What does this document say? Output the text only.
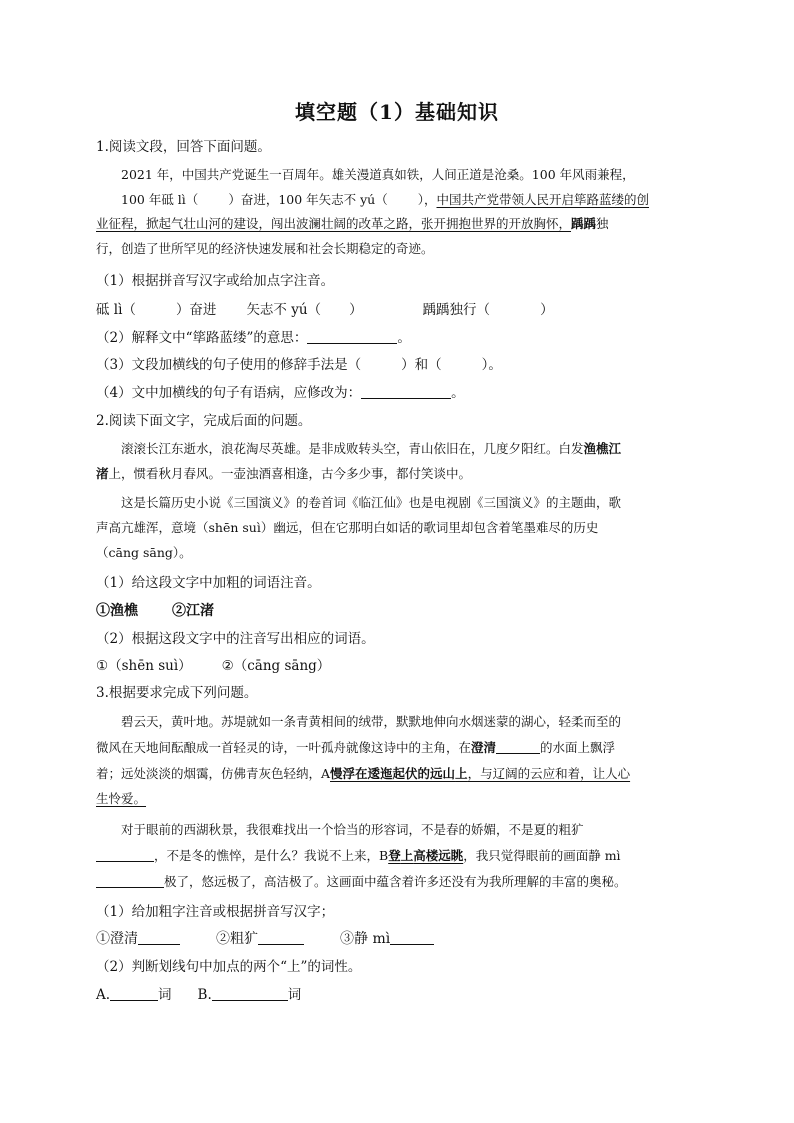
填空题（1）基础知识
1.阅读文段，回答下面问题。
2021 年，中国共产党诞生一百周年。雄关漫道真如铁，人间正道是沧桑。100 年风雨兼程，
100 年砥 lì（ ）奋进，100 年矢志不 yú（ ），中国共产党带领人民开启筚路蓝缕的创
业征程，掀起气壮山河的建设，闯出波澜壮阔的改革之路，张开拥抱世界的开放胸怀，踽踽独
行，创造了世所罕见的经济快速发展和社会长期稳定的奇迹。
（1）根据拼音写汉字或给加点字注音。
砥 lì（	）奋进 矢志不 yú（ ）	踽踽独行（	）
（2）解释文中“筚路蓝缕”的意思：	。
（3）文段加横线的句子使用的修辞手法是（	）和（	）。
（4）文中加横线的句子有语病，应修改为：	。
2.阅读下面文字，完成后面的问题。
滚滚长江东逝水，浪花淘尽英雄。是非成败转头空，青山依旧在，几度夕阳红。白发渔樵江
渚上，惯看秋月春风。一壶浊酒喜相逢，古今多少事，都付笑谈中。
这是长篇历史小说《三国演义》的卷首词《临江仙》也是电视剧《三国演义》的主题曲，歌
声高亢雄浑，意境（shēn suì）幽远，但在它那明白如话的歌词里却包含着笔墨难尽的历史
（cāng sāng）。
（1）给这段文字中加粗的词语注音。
①渔樵 ②江渚
（2）根据这段文字中的注音写出相应的词语。
①（shēn suì） ②（cāng sāng）
3.根据要求完成下列问题。
碧云天，黄叶地。苏堤就如一条青黄相间的绒带，默默地伸向水烟迷蒙的湖心，轻柔而至的
微风在天地间酝酿成一首轻灵的诗，一叶孤舟就像这诗中的主角，在澄清	的水面上飘浮
着；远处淡淡的烟霭，仿佛青灰色轻纳，A慢浮在逶迤起伏的远山上，与辽阔的云应和着，让人心
生怜爱。
对于眼前的西湖秋景，我很难找出一个恰当的形容词，不是春的娇媚，不是夏的粗犷
，不是冬的憔悴，是什么？我说不上来，B登上高楼远眺，我只觉得眼前的画面静 mì
极了，悠远极了，高洁极了。这画面中蕴含着许多还没有为我所理解的丰富的奥秘。
（1）给加粗字注音或根据拼音写汉字；
①澄清	②粗犷	③静 mì
（2）判断划线句中加点的两个“上”的词性。
A.	词 B.	词
